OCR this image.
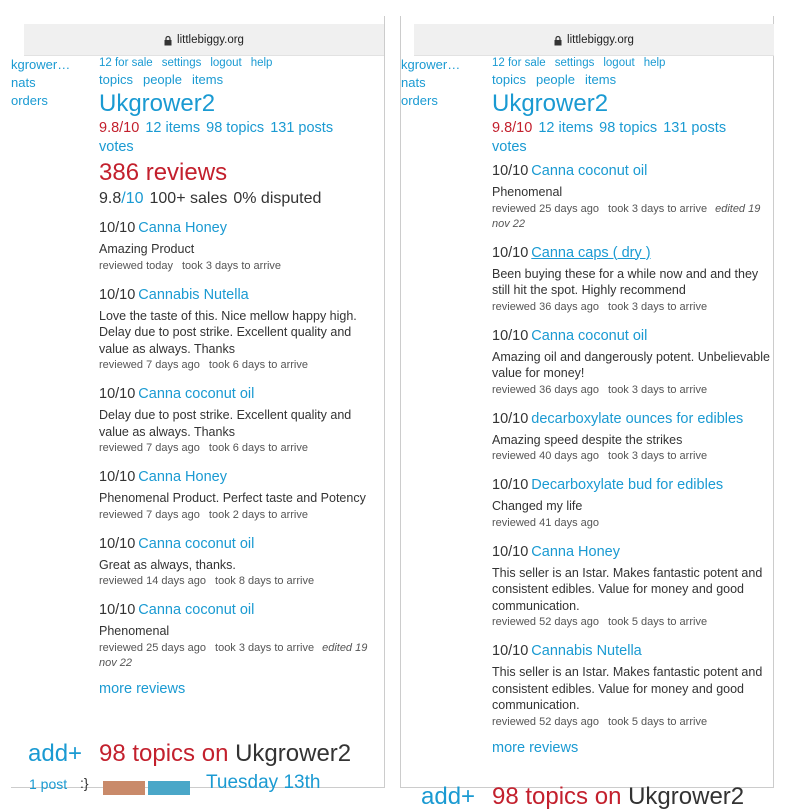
littlebiggy.org
kgrower…
nats
orders
12 for sale settings logout help
topics people items
Ukgrower2
9.8/10 12 items 98 topics 131 posts
votes
386 reviews
9.8/10 100+ sales 0% disputed
10/10 Canna Honey
Amazing Product
reviewed today took 3 days to arrive
10/10 Cannabis Nutella
Love the taste of this. Nice mellow happy high. Delay due to post strike. Excellent quality and value as always. Thanks
reviewed 7 days ago took 6 days to arrive
10/10 Canna coconut oil
Delay due to post strike. Excellent quality and value as always. Thanks
reviewed 7 days ago took 6 days to arrive
10/10 Canna Honey
Phenomenal Product. Perfect taste and Potency
reviewed 7 days ago took 2 days to arrive
10/10 Canna coconut oil
Great as always, thanks.
reviewed 14 days ago took 8 days to arrive
10/10 Canna coconut oil
Phenomenal
reviewed 25 days ago took 3 days to arrive edited 19 nov 22
more reviews
add+ 98 topics on Ukgrower2
1 post :}	Tuesday 13th
littlebiggy.org
kgrower…
nats
orders
12 for sale settings logout help
topics people items
Ukgrower2
9.8/10 12 items 98 topics 131 posts
votes
10/10 Canna coconut oil
Phenomenal
reviewed 25 days ago took 3 days to arrive edited 19 nov 22
10/10 Canna caps ( dry )
Been buying these for a while now and and they still hit the spot. Highly recommend
reviewed 36 days ago took 3 days to arrive
10/10 Canna coconut oil
Amazing oil and dangerously potent. Unbelievable value for money!
reviewed 36 days ago took 3 days to arrive
10/10 decarboxylate ounces for edibles
Amazing speed despite the strikes
reviewed 40 days ago took 3 days to arrive
10/10 Decarboxylate bud for edibles
Changed my life
reviewed 41 days ago
10/10 Canna Honey
This seller is an Istar. Makes fantastic potent and consistent edibles. Value for money and good communication.
reviewed 52 days ago took 5 days to arrive
10/10 Cannabis Nutella
This seller is an Istar. Makes fantastic potent and consistent edibles. Value for money and good communication.
reviewed 52 days ago took 5 days to arrive
more reviews
add+ 98 topics on Ukgrower2
